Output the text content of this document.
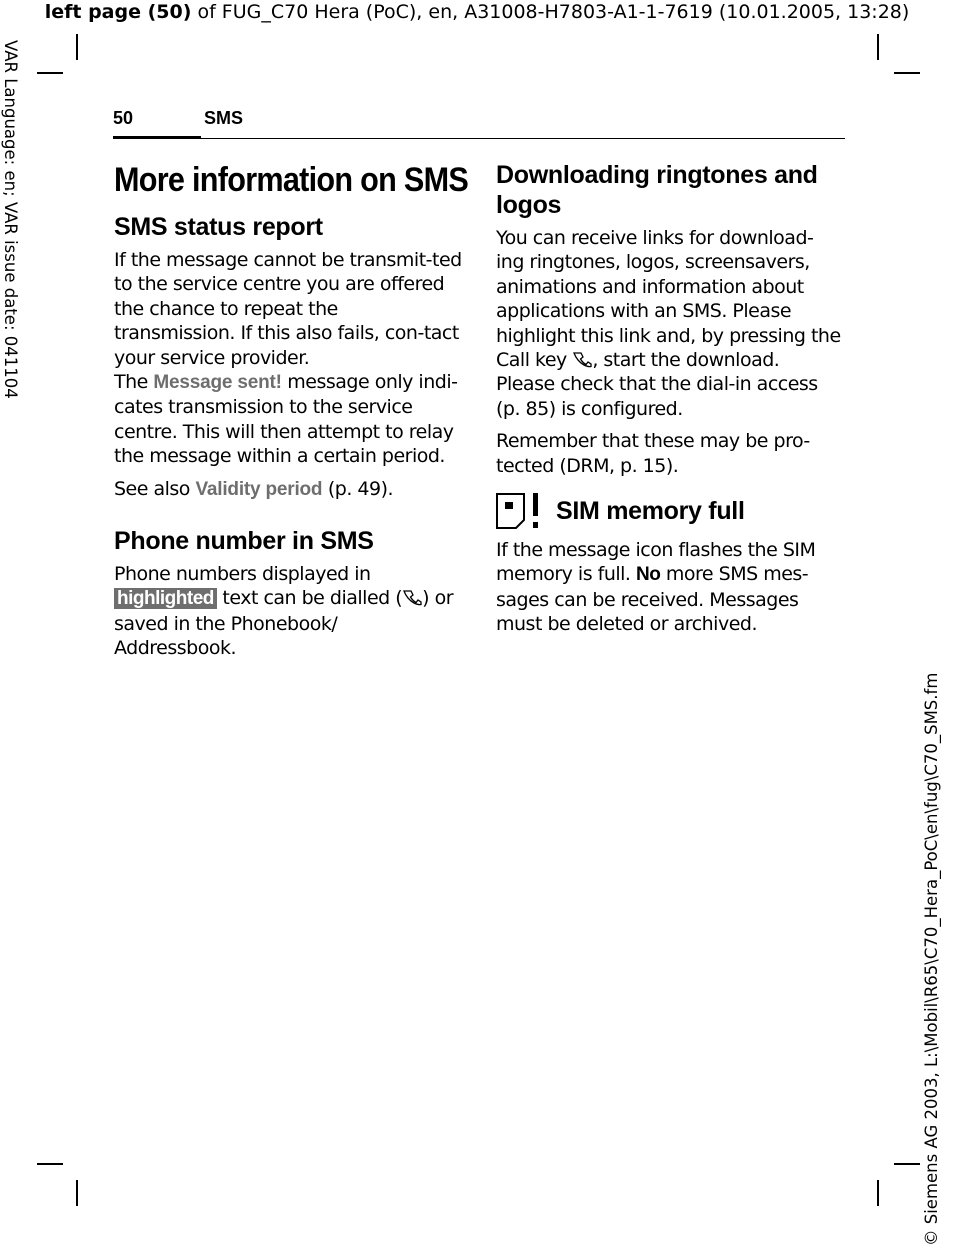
left page (50) of FUG_C70 Hera (PoC), en, A31008-H7803-A1-1-7619 (10.01.2005, 13:28)
VAR Language: en; VAR issue date: 041104
© Siemens AG 2003, L:\Mobil\R65\C70_Hera_PoC\en\fug\C70_SMS.fm
50	SMS
More information on SMS
SMS status report

If the message cannot be transmit-ted to the service centre you are offered the chance to repeat the transmission. If this also fails, con-tact your service provider.

The Message sent! message only indi-cates transmission to the service centre. This will then attempt to relay the message within a certain period.

See also Validity period (p. 49).

Phone number in SMS

Phone numbers displayed in highlighted text can be dialled ( ) or saved in the Phonebook/ Addressbook.

Downloading ringtones and logos

You can receive links for download-ing ringtones, logos, screensavers, animations and information about applications with an SMS. Please highlight this link and, by pressing the Call key , start the download. Please check that the dial-in access (p. 85) is configured.

Remember that these may be pro-tected (DRM, p. 15).

SIM memory full

If the message icon flashes the SIM memory is full. No more SMS mes-sages can be received. Messages must be deleted or archived.
